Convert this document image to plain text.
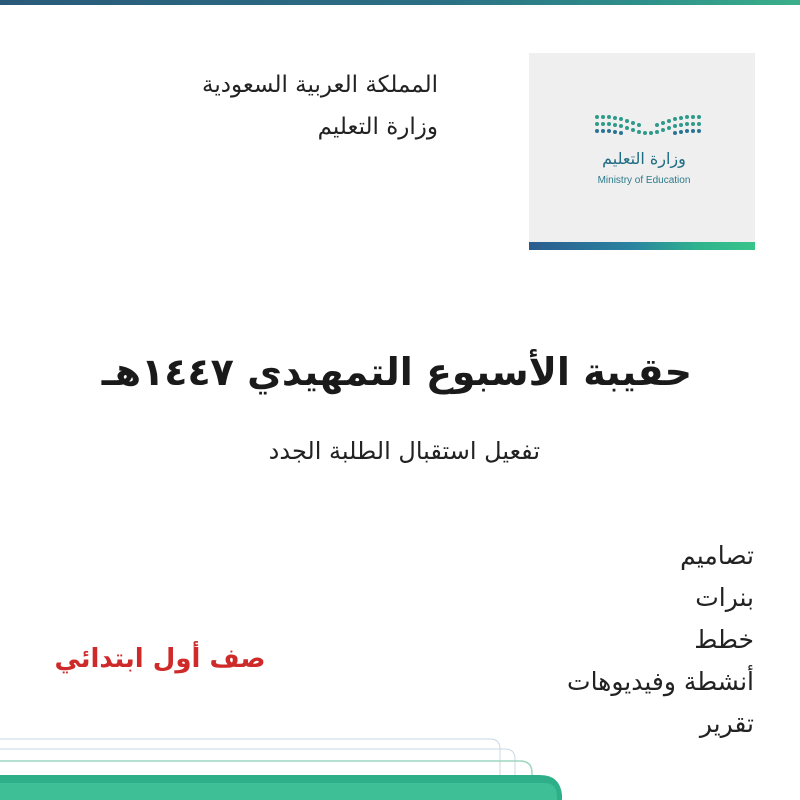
المملكة العربية السعودية
وزارة التعليم
وزارة التعليم
Ministry of Education
حقيبة الأسبوع التمهيدي ١٤٤٧هـ
تفعيل استقبال الطلبة الجدد
تصاميم
بنرات
خطط
أنشطة وفيديوهات
تقرير
صف أول ابتدائي
